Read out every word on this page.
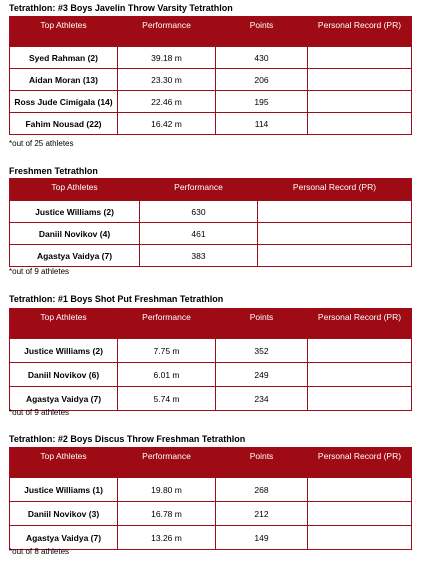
Tetrathlon: #3 Boys Javelin Throw Varsity Tetrathlon
Top Athletes	Performance	Points	Personal Record (PR)
Syed Rahman (2)	39.18 m	430	
Aidan Moran (13)	23.30 m	206	
Ross Jude Cimigala (14)	22.46 m	195	
Fahim Nousad (22)	16.42 m	114	
*out of 25 athletes
Freshmen Tetrathlon
Top Athletes	Performance	Personal Record (PR)
Justice Williams (2)	630	
Daniil Novikov (4)	461	
Agastya Vaidya (7)	383	
*out of 9 athletes
Tetrathlon: #1 Boys Shot Put Freshman Tetrathlon
Top Athletes	Performance	Points	Personal Record (PR)
Justice Williams (2)	7.75 m	352	
Daniil Novikov (6)	6.01 m	249	
Agastya Vaidya (7)	5.74 m	234	
*out of 9 athletes
Tetrathlon: #2 Boys Discus Throw Freshman Tetrathlon
Top Athletes	Performance	Points	Personal Record (PR)
Justice Williams (1)	19.80 m	268	
Daniil Novikov (3)	16.78 m	212	
Agastya Vaidya (7)	13.26 m	149	
*out of 8 athletes
